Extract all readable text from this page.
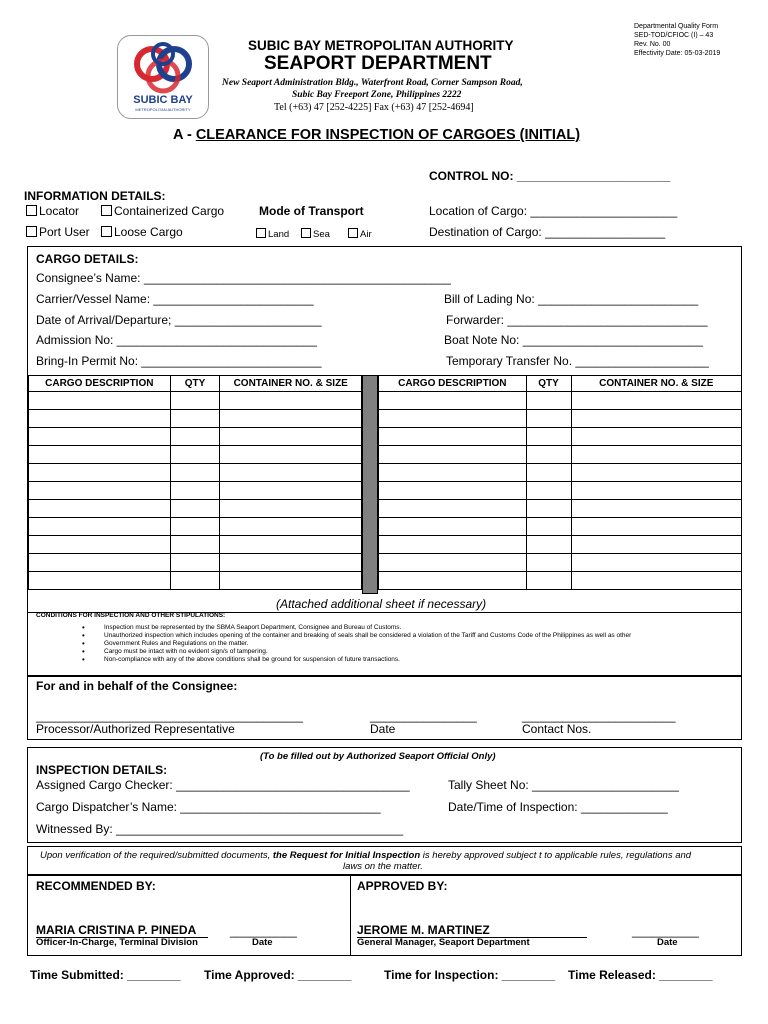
Departmental Quality Form
SED-TOD/CFIOC (I) – 43
Rev. No. 00
Effectivity Date: 05-03-2019
SUBIC BAY
METROPOLITAN AUTHORITY
SUBIC BAY METROPOLITAN AUTHORITY
SEAPORT DEPARTMENT
New Seaport Administration Bldg., Waterfront Road, Corner Sampson Road,
Subic Bay Freeport Zone, Philippines 2222
Tel (+63) 47 [252-4225] Fax (+63) 47 [252-4694]
A - CLEARANCE FOR INSPECTION OF CARGOES (INITIAL)
CONTROL NO: _______________________
INFORMATION DETAILS:
Locator	Containerized Cargo
Port User	Loose Cargo
Mode of Transport
Land	Sea	Air
Location of Cargo: ______________________
Destination of Cargo: __________________
CARGO DETAILS:
Consignee’s Name: ______________________________________________
Carrier/Vessel Name: ________________________
Date of Arrival/Departure; ______________________
Admission No: ______________________________
Bring-In Permit No: ___________________________
Bill of Lading No: ________________________
Forwarder: ______________________________
Boat Note No: ___________________________
Temporary Transfer No. ____________________
CARGO DESCRIPTION	QTY	CONTAINER NO. & SIZE

			CARGO DESCRIPTION	QTY	CONTAINER NO. & SIZE

(Attached additional sheet if necessary)
CONDITIONS FOR INSPECTION AND OTHER STIPULATIONS:
• Inspection must be represented by the SBMA Seaport Department, Consignee and Bureau of Customs.
• Unauthorized inspection which includes opening of the container and breaking of seals shall be considered a violation of the Tariff and Customs Code of the Philippines as well as other
• Government Rules and Regulations on the matter.
• Cargo must be intact with no evident sign/s of tampering.
• Non-compliance with any of the above conditions shall be ground for suspension of future transactions.
For and in behalf of the Consignee:
________________________________________	________________	_______________________
Processor/Authorized Representative	Date	Contact Nos.
(To be filled out by Authorized Seaport Official Only)
INSPECTION DETAILS:
Assigned Cargo Checker: ___________________________________
Cargo Dispatcher’s Name: ______________________________
Witnessed By: ___________________________________________
Tally Sheet No: ______________________
Date/Time of Inspection: _____________
Upon verification of the required/submitted documents, the Request for Initial Inspection is hereby approved subject t to applicable rules, regulations and
laws on the matter.
RECOMMENDED BY:	APPROVED BY:
MARIA CRISTINA P. PINEDA
Officer-In-Charge, Terminal Division
__________
Date
JEROME M. MARTINEZ
General Manager, Seaport Department
__________
Date
Time Submitted: ________ Time Approved: ________	Time for Inspection: ________ Time Released: ________
